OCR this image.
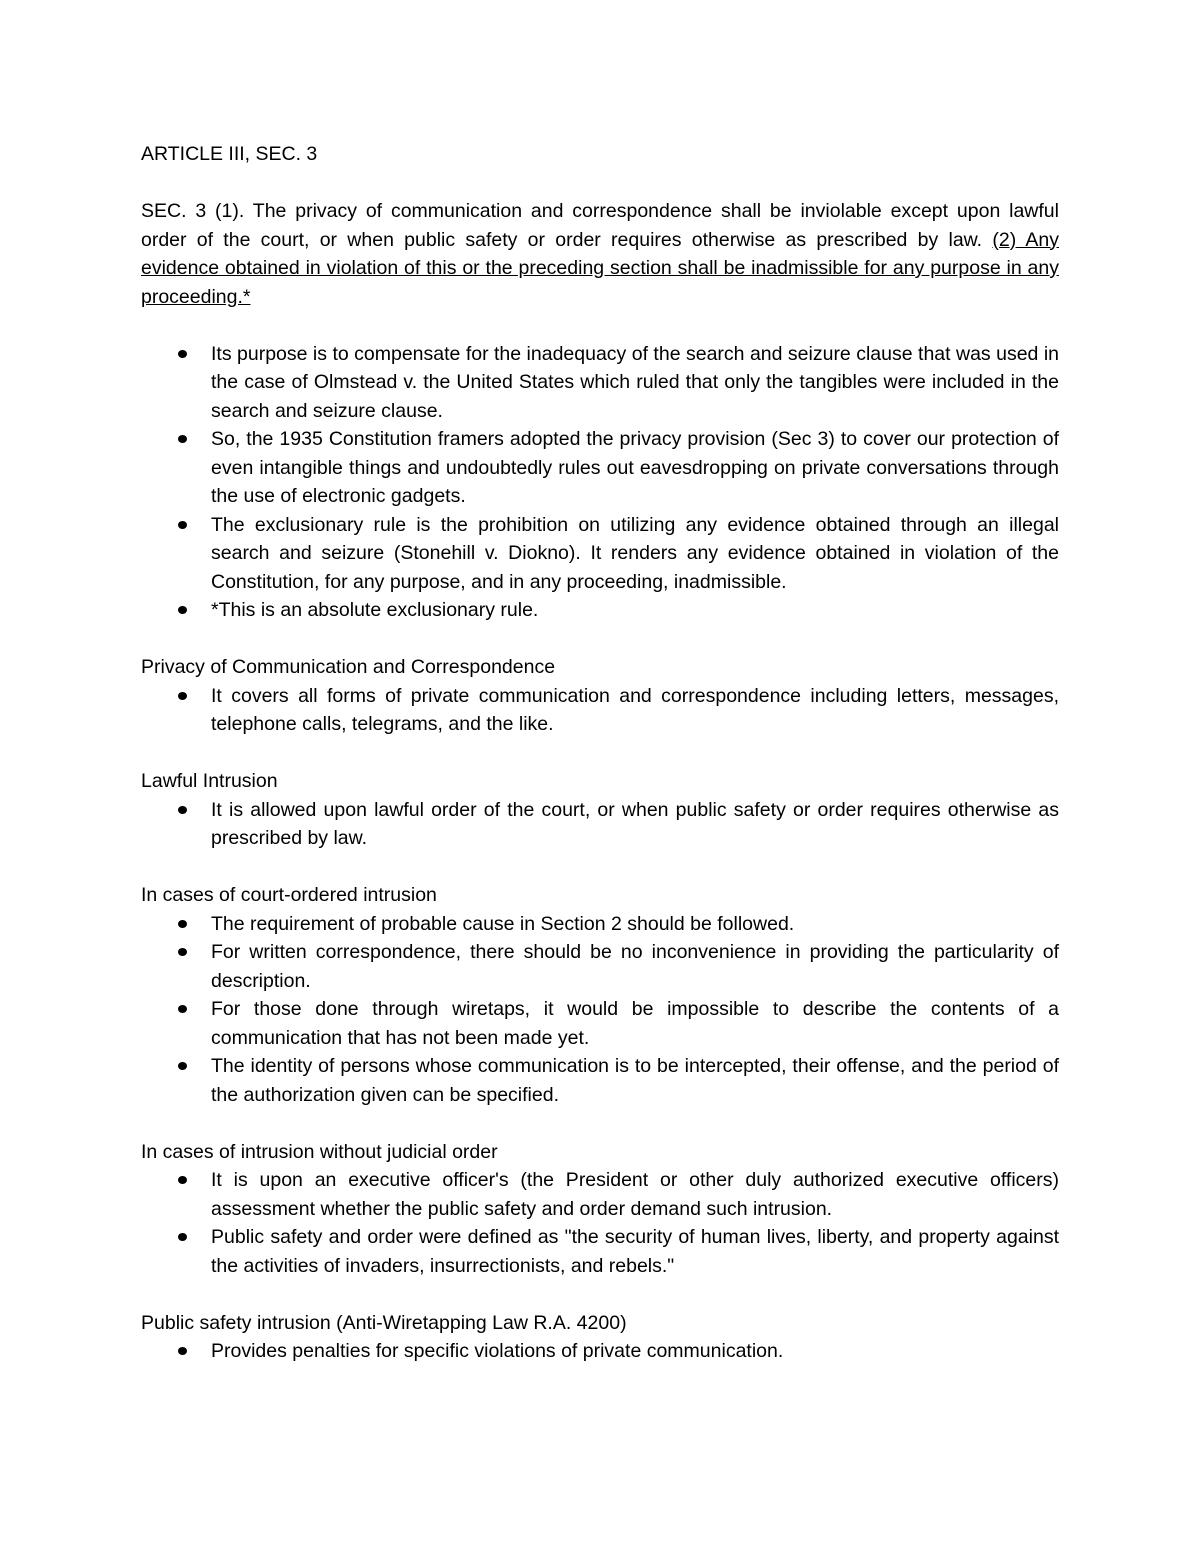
ARTICLE III, SEC. 3

SEC. 3 (1). The privacy of communication and correspondence shall be inviolable except upon lawful order of the court, or when public safety or order requires otherwise as prescribed by law. (2) Any evidence obtained in violation of this or the preceding section shall be inadmissible for any purpose in any proceeding.*

Its purpose is to compensate for the inadequacy of the search and seizure clause that was used in the case of Olmstead v. the United States which ruled that only the tangibles were included in the search and seizure clause.
So, the 1935 Constitution framers adopted the privacy provision (Sec 3) to cover our protection of even intangible things and undoubtedly rules out eavesdropping on private conversations through the use of electronic gadgets.
The exclusionary rule is the prohibition on utilizing any evidence obtained through an illegal search and seizure (Stonehill v. Diokno). It renders any evidence obtained in violation of the Constitution, for any purpose, and in any proceeding, inadmissible.
*This is an absolute exclusionary rule.

Privacy of Communication and Correspondence

It covers all forms of private communication and correspondence including letters, messages, telephone calls, telegrams, and the like.

Lawful Intrusion

It is allowed upon lawful order of the court, or when public safety or order requires otherwise as prescribed by law.

In cases of court-ordered intrusion

The requirement of probable cause in Section 2 should be followed.
For written correspondence, there should be no inconvenience in providing the particularity of description.
For those done through wiretaps, it would be impossible to describe the contents of a communication that has not been made yet.
The identity of persons whose communication is to be intercepted, their offense, and the period of the authorization given can be specified.

In cases of intrusion without judicial order

It is upon an executive officer's (the President or other duly authorized executive officers) assessment whether the public safety and order demand such intrusion.
Public safety and order were defined as "the security of human lives, liberty, and property against the activities of invaders, insurrectionists, and rebels."

Public safety intrusion (Anti-Wiretapping Law R.A. 4200)

Provides penalties for specific violations of private communication.
